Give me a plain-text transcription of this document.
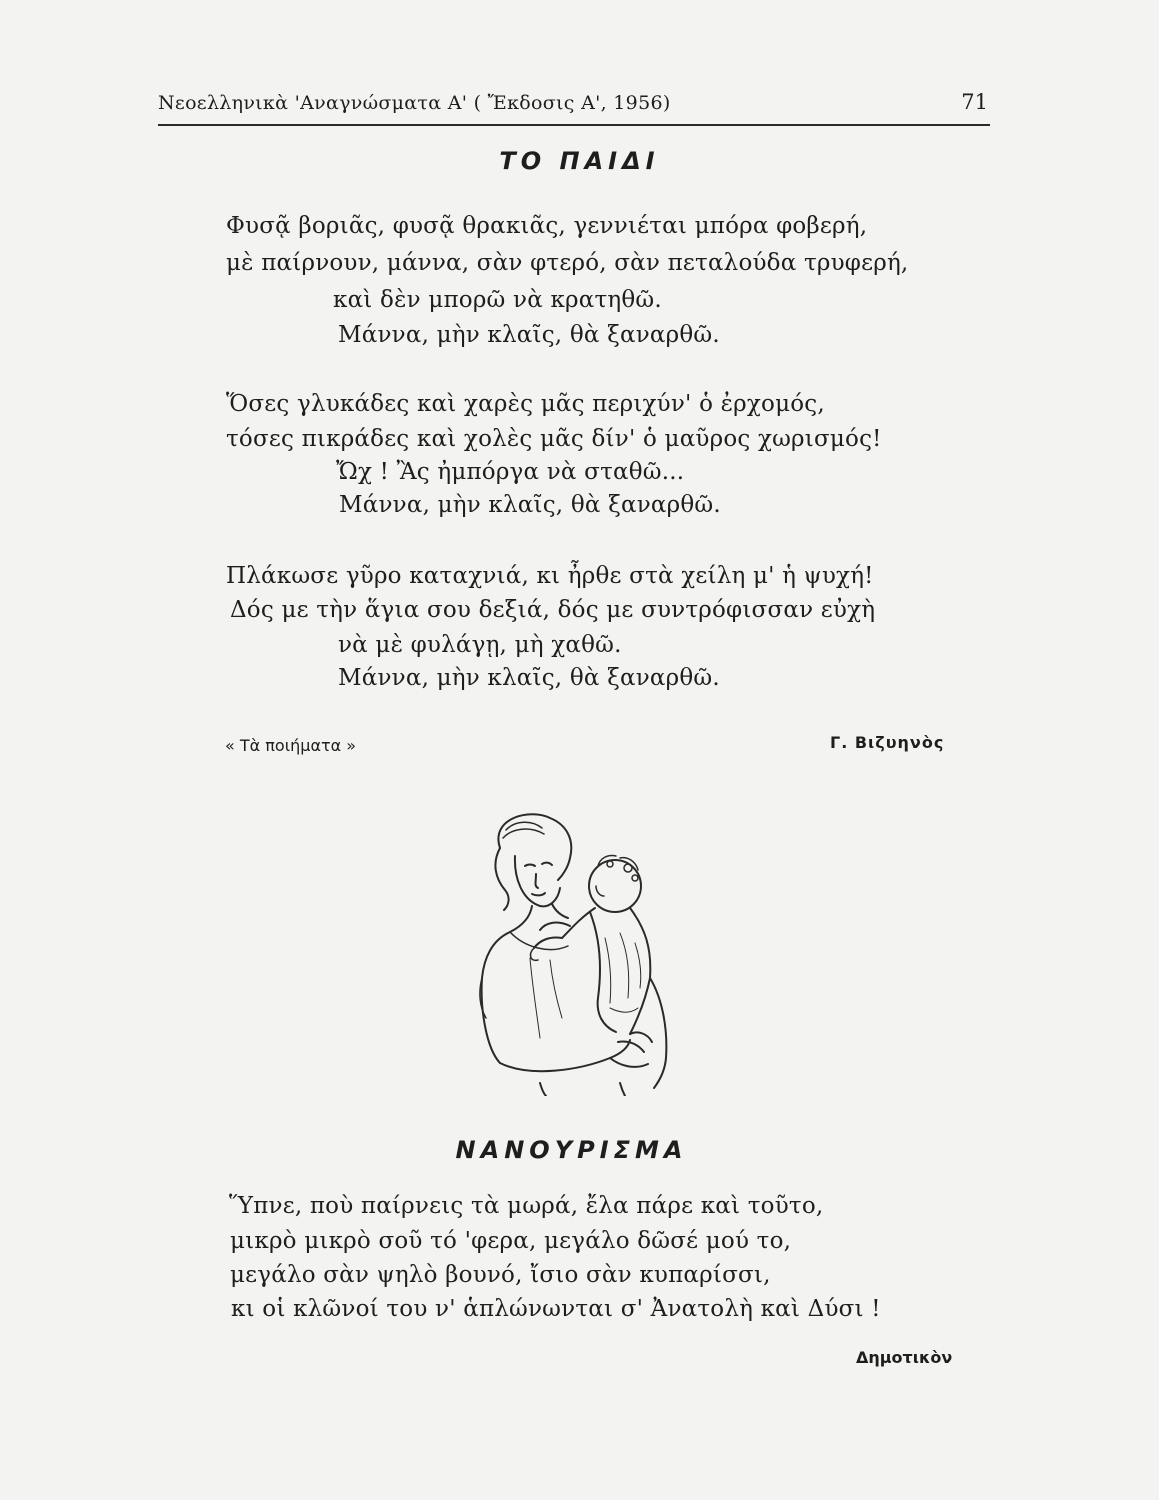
Νεοελληνικὰ 'Αναγνώσματα Α' ( Ἔκδοσις Α', 1956)	71
ΤΟ ΠΑΙΔΙ
Φυσᾷ βοριᾶς, φυσᾷ θρακιᾶς, γεννιέται μπόρα φοβερή,
μὲ παίρνουν, μάννα, σὰν φτερό, σὰν πεταλούδα τρυφερή,
καὶ δὲν μπορῶ νὰ κρατηθῶ.
Μάννα, μὴν κλαῖς, θὰ ξαναρθῶ.
Ὅσες γλυκάδες καὶ χαρὲς μᾶς περιχύν' ὁ ἐρχομός,
τόσες πικράδες καὶ χολὲς μᾶς δίν' ὁ μαῦρος χωρισμός!
Ὤχ ! Ἂς ἠμπόργα νὰ σταθῶ...
Μάννα, μὴν κλαῖς, θὰ ξαναρθῶ.
Πλάκωσε γῦρο καταχνιά, κι ἦρθε στὰ χείλη μ' ἡ ψυχή!
Δός με τὴν ἅγια σου δεξιά, δός με συντρόφισσαν εὐχὴ
νὰ μὲ φυλάγῃ, μὴ χαθῶ.
Μάννα, μὴν κλαῖς, θὰ ξαναρθῶ.
« Τὰ ποιήματα »	Γ. Βιζυηνὸς
ΝΑΝΟΥΡΙΣΜΑ
Ὕπνε, ποὺ παίρνεις τὰ μωρά, ἔλα πάρε καὶ τοῦτο,
μικρὸ μικρὸ σοῦ τό 'φερα, μεγάλο δῶσέ μού το,
μεγάλο σὰν ψηλὸ βουνό, ἴσιο σὰν κυπαρίσσι,
κι οἱ κλῶνοί του ν' ἁπλώνωνται σ' Ἀνατολὴ καὶ Δύσι !
Δημοτικὸν
